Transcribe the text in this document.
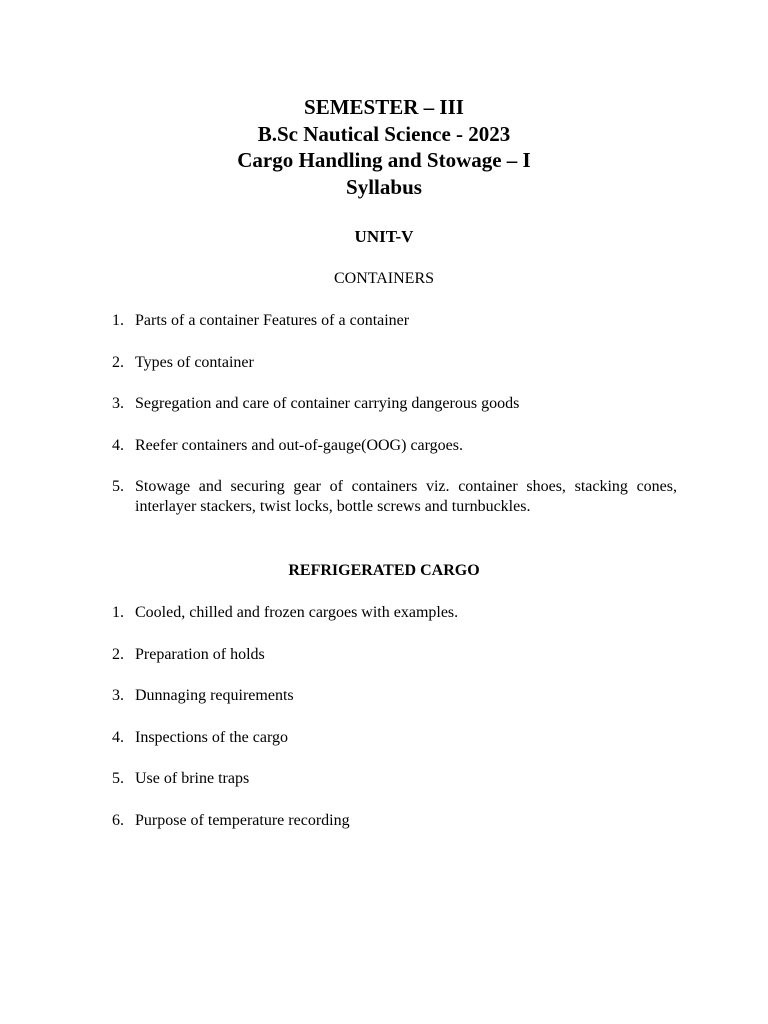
SEMESTER – III
B.Sc Nautical Science - 2023
Cargo Handling and Stowage – I
Syllabus
UNIT-V
CONTAINERS
1. Parts of a container Features of a container
2. Types of container
3. Segregation and care of container carrying dangerous goods
4. Reefer containers and out-of-gauge(OOG) cargoes.
5. Stowage and securing gear of containers viz. container shoes, stacking cones, interlayer stackers, twist locks, bottle screws and turnbuckles.
REFRIGERATED CARGO
1. Cooled, chilled and frozen cargoes with examples.
2. Preparation of holds
3. Dunnaging requirements
4. Inspections of the cargo
5. Use of brine traps
6. Purpose of temperature recording
